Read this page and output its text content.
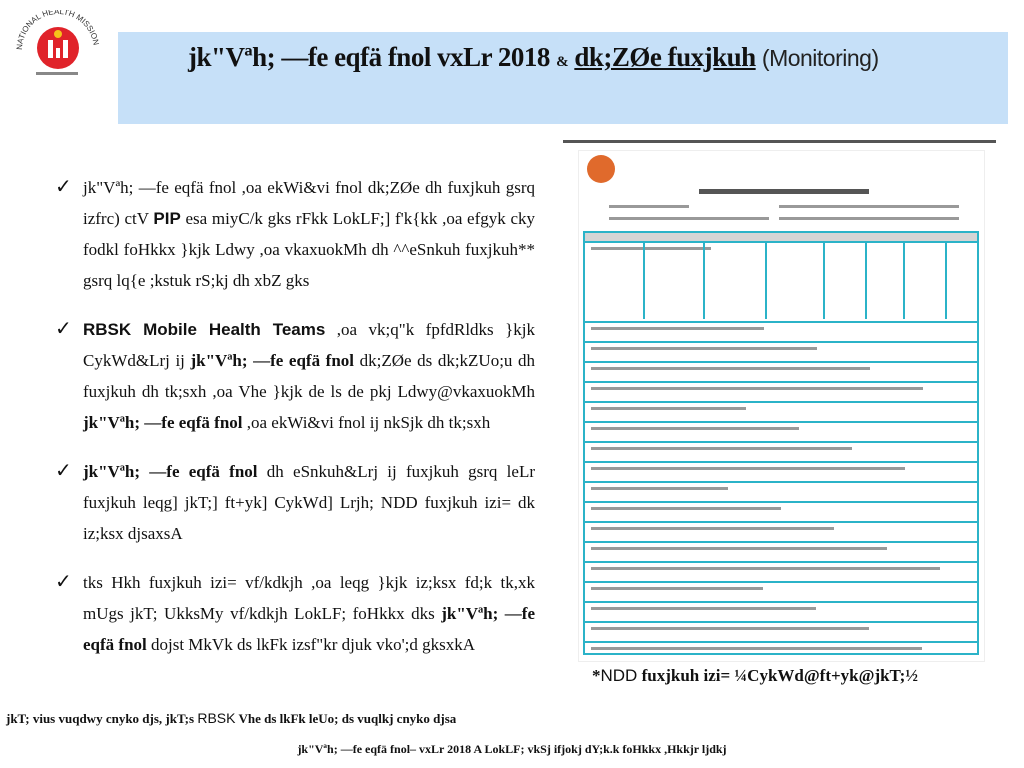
NATIONAL HEALTH MISSION	jk"Vªh; —fe eqfä fnol vxLr 2018 & dk;ZØe fuxjkuh (Monitoring)
✓ jk"Vªh; —fe eqfä fnol ,oa ekWi&vi fnol dk;ZØe dh fuxjkuh gsrq izfrc) ctV PIP esa miyC/k gks rFkk LokLF;] f'k{kk ,oa efgyk cky fodkl foHkkx }kjk Ldwy ,oa vkaxuokMh dh ^^eSnkuh fuxjkuh** gsrq lq{e ;kstuk rS;kj dh xbZ gks
✓ RBSK Mobile Health Teams ,oa vk;q"k fpfdRldks }kjk CykWd&Lrj ij jk"Vªh; —fe eqfä fnol dk;ZØe ds dk;kZUo;u dh fuxjkuh dh tk;sxh ,oa Vhe }kjk de ls de pkj Ldwy@vkaxuokMh jk"Vªh; —fe eqfä fnol ,oa ekWi&vi fnol ij nkSjk dh tk;sxh
✓ jk"Vªh; —fe eqfä fnol dh eSnkuh&Lrj ij fuxjkuh gsrq leLr fuxjkuh leqg] jkT;] ft+yk] CykWd] Lrjh; NDD fuxjkuh izi= dk iz;ksx djsaxsA
✓ tks Hkh fuxjkuh izi= vf/kdkjh ,oa leqg }kjk iz;ksx fd;k tk,xk mUgs jkT; UkksMy vf/kdkjh LokLF; foHkkx dks jk"Vªh; —fe eqfä fnol dojst MkVk ds lkFk izsf"kr djuk vko';d gksxkA
*NDD fuxjkuh izi= ¼CykWd@ft+yk@jkT;½
jkT; vius vuqdwy cnyko djs, jkT;s RBSK Vhe ds lkFk leUo; ds vuqlkj cnyko djsa
jk"Vªh; —fe eqfä fnol– vxLr 2018 A LokLF; vkSj ifjokj dY;k.k foHkkx ,Hkkjr ljdkj
